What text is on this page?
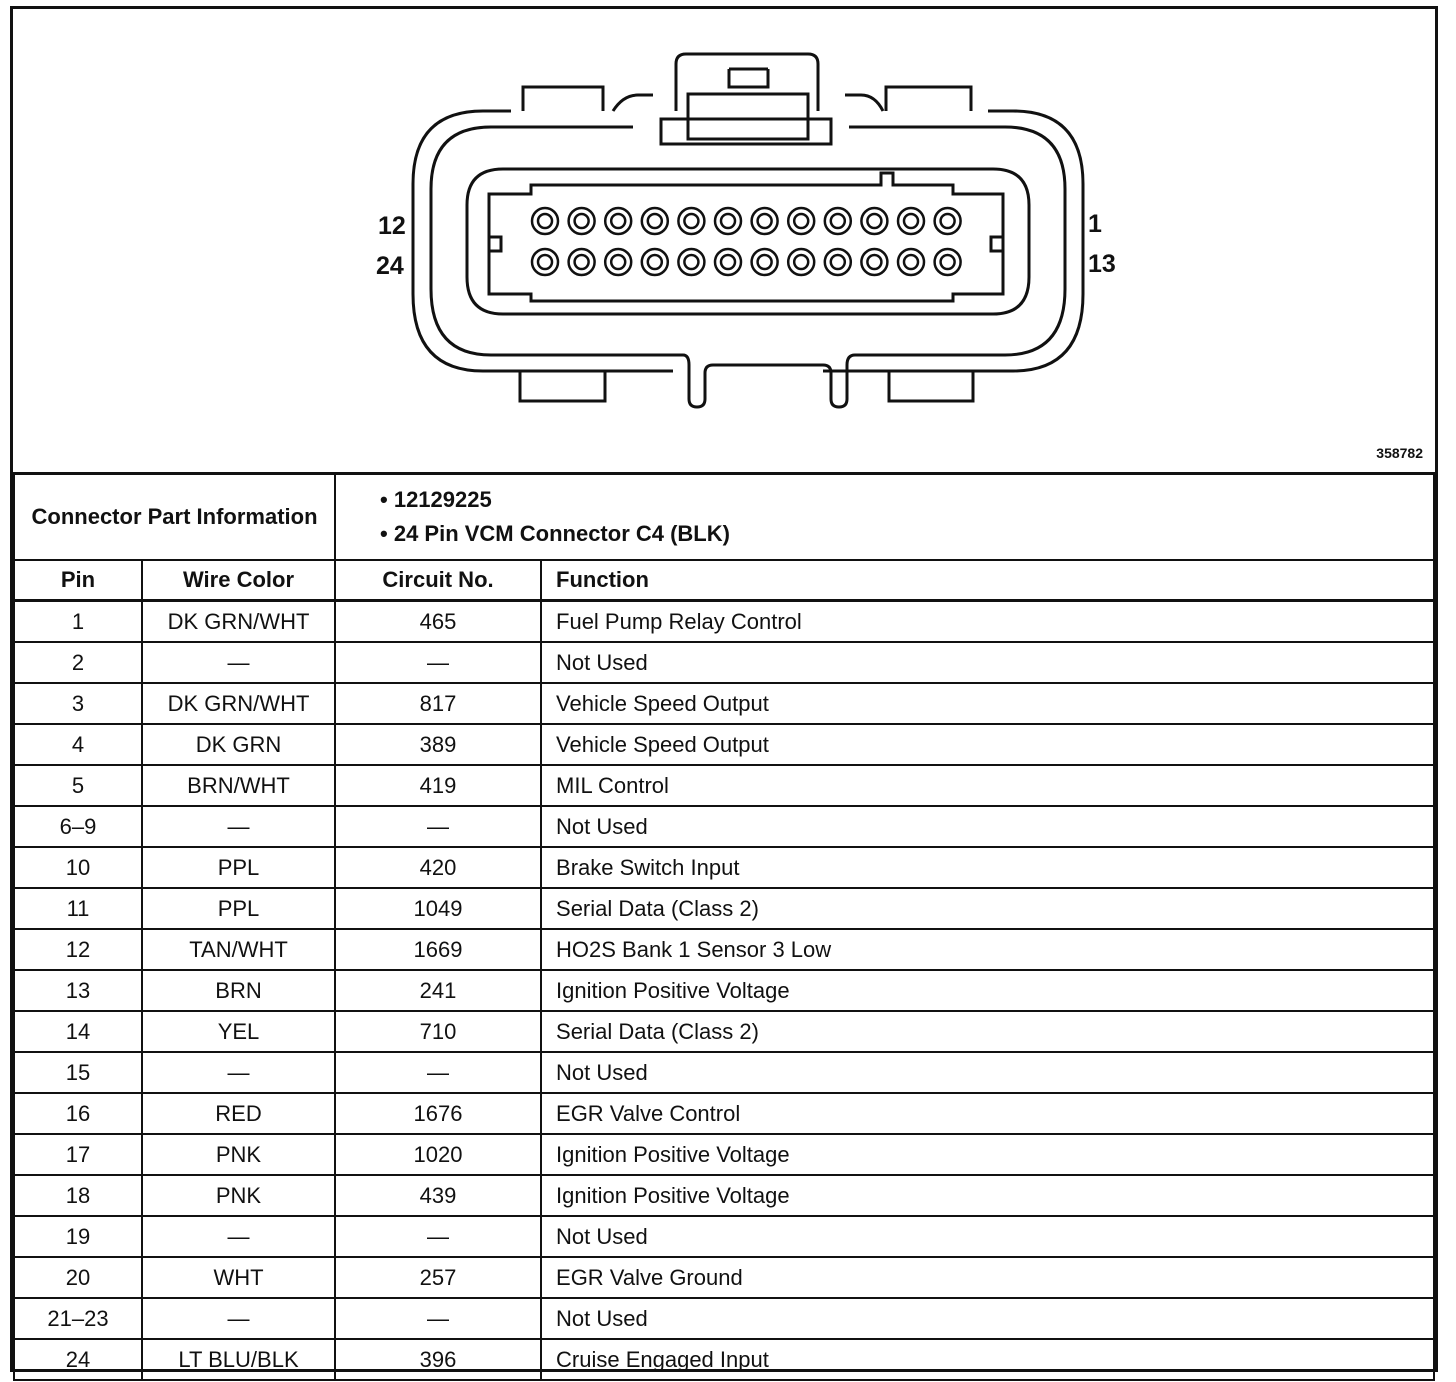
12
24
1
13
358782
Connector Part Information		• 12129225
• 24 Pin VCM Connector C4 (BLK)	

Pin	Wire Color	Circuit No.	Function
1	DK GRN/WHT	465	Fuel Pump Relay Control
2	—	—	Not Used
3	DK GRN/WHT	817	Vehicle Speed Output
4	DK GRN	389	Vehicle Speed Output
5	BRN/WHT	419	MIL Control
6–9	—	—	Not Used
10	PPL	420	Brake Switch Input
11	PPL	1049	Serial Data (Class 2)
12	TAN/WHT	1669	HO2S Bank 1 Sensor 3 Low
13	BRN	241	Ignition Positive Voltage
14	YEL	710	Serial Data (Class 2)
15	—	—	Not Used
16	RED	1676	EGR Valve Control
17	PNK	1020	Ignition Positive Voltage
18	PNK	439	Ignition Positive Voltage
19	—	—	Not Used
20	WHT	257	EGR Valve Ground
21–23	—	—	Not Used
24	LT BLU/BLK	396	Cruise Engaged Input
